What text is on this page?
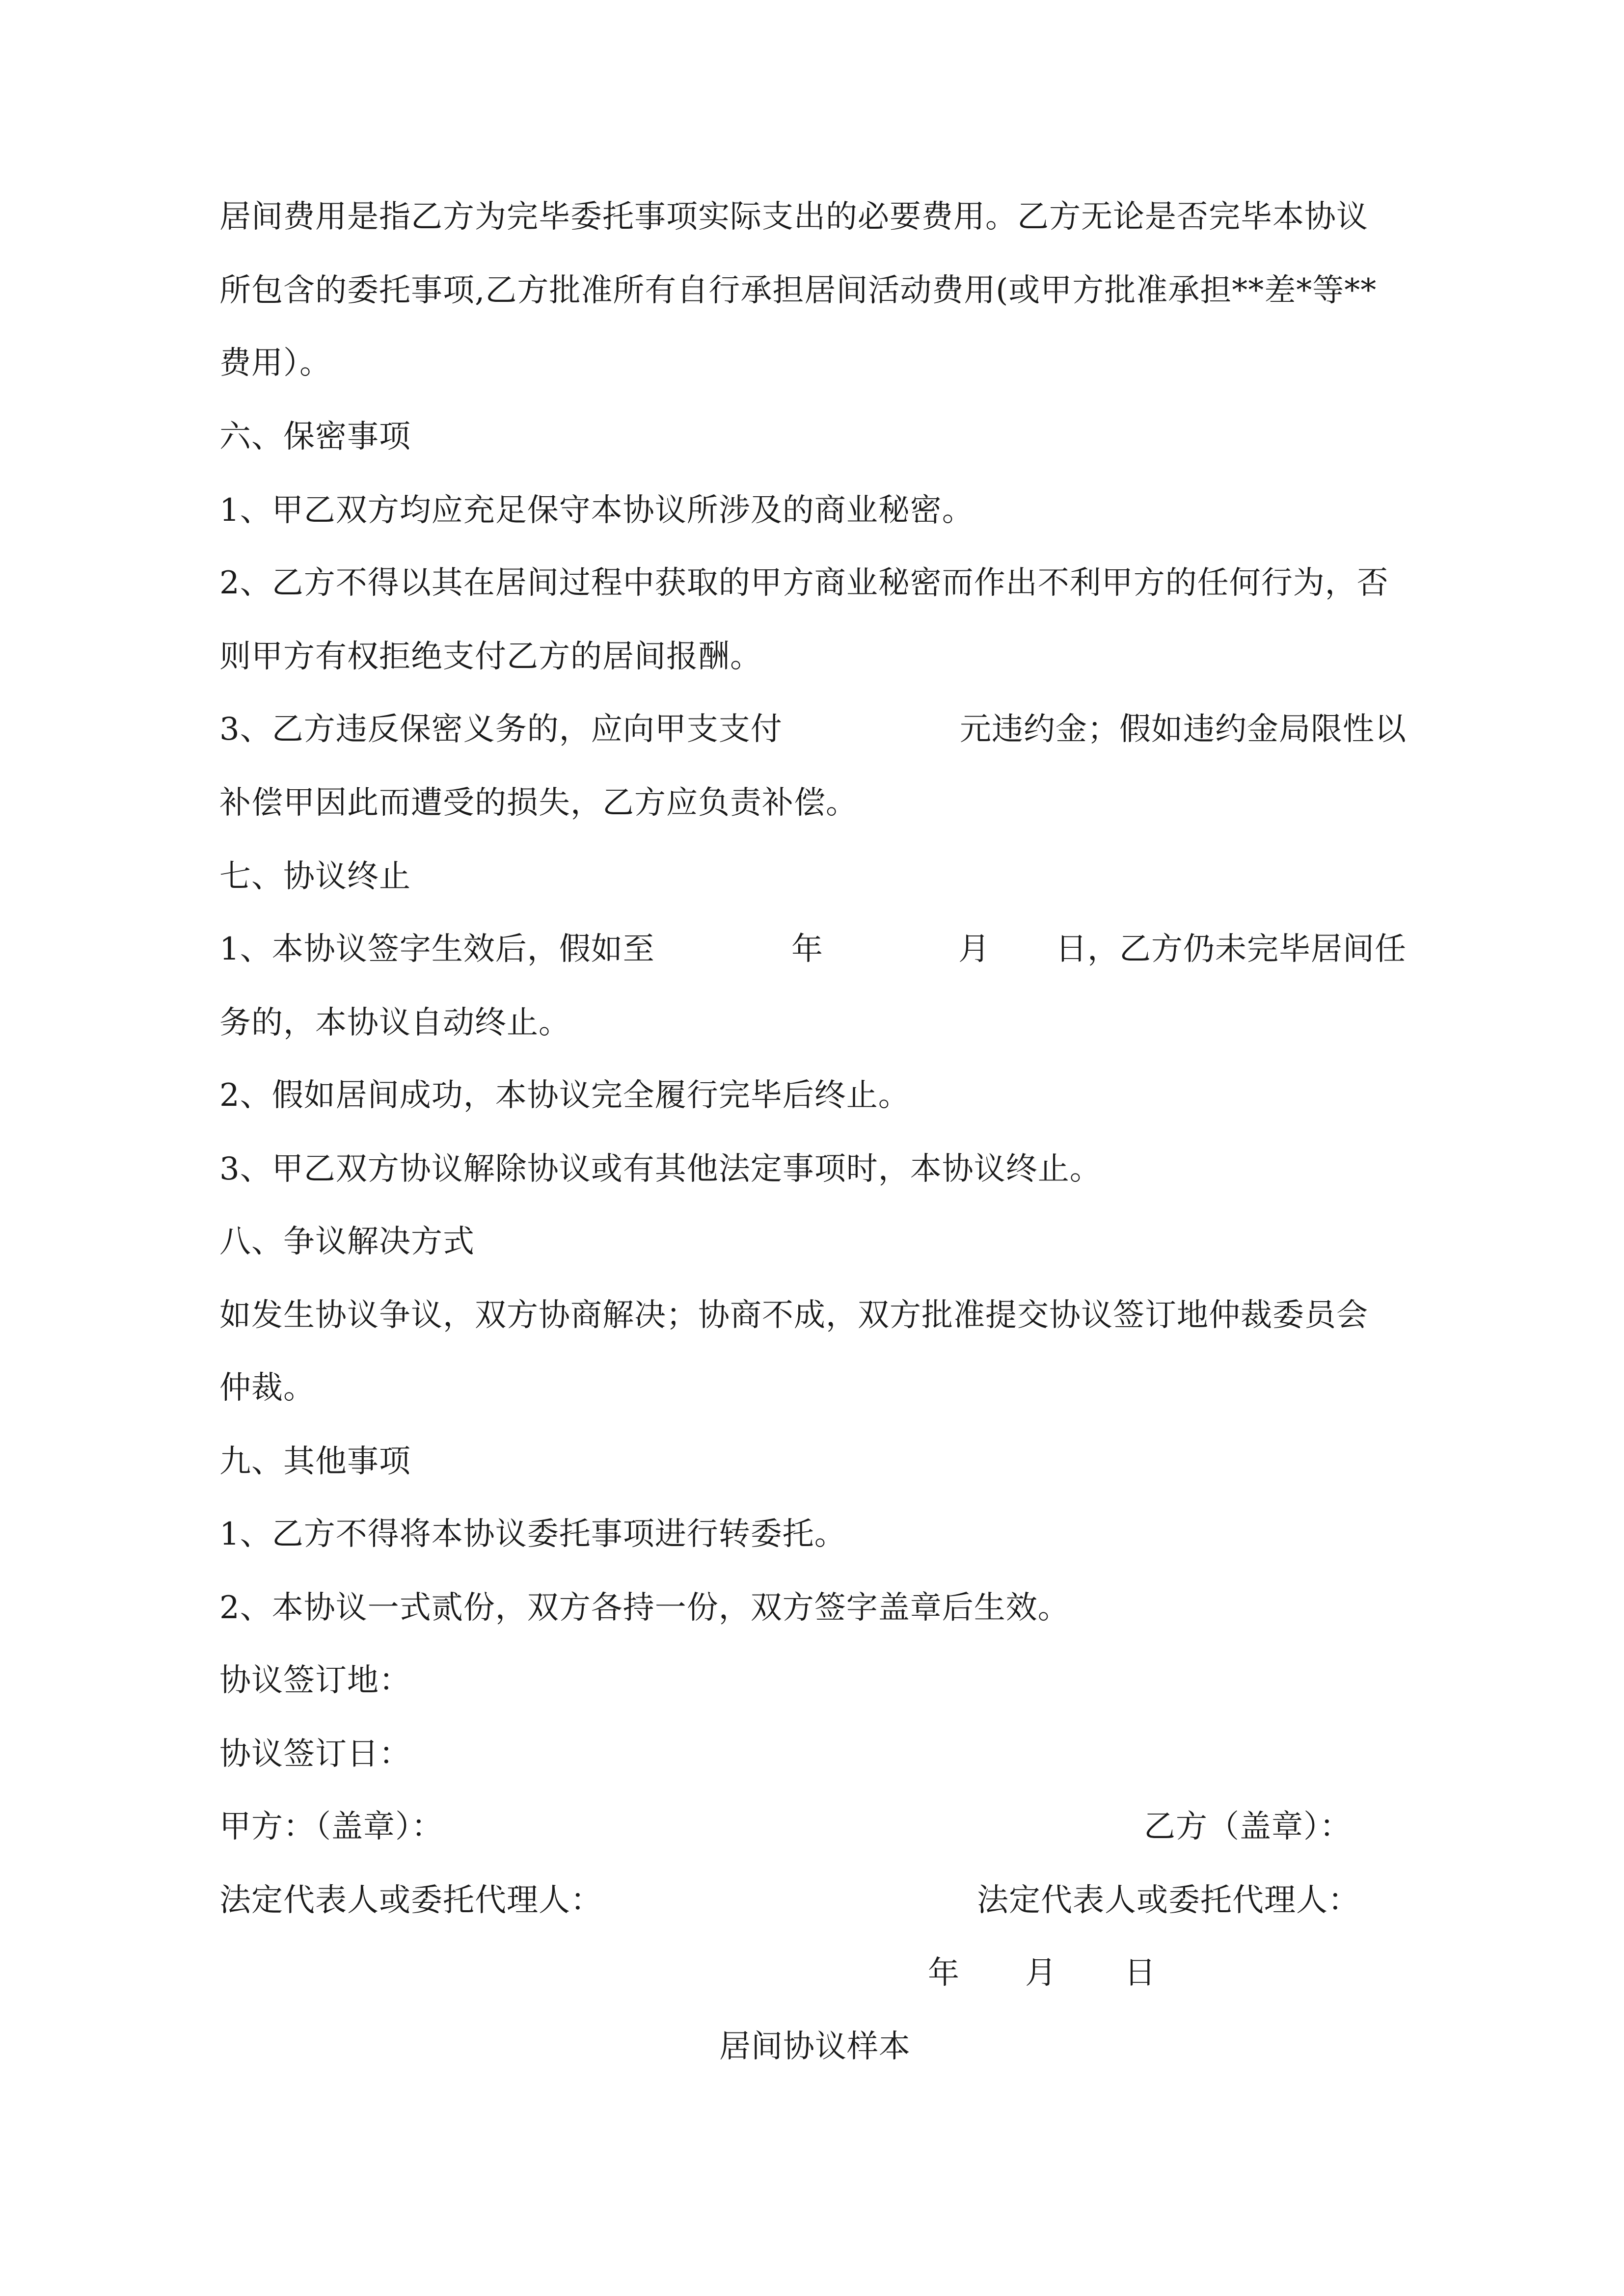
居间费用是指乙方为完毕委托事项实际支出的必要费用。乙方无论是否完毕本协议
所包含的委托事项,乙方批准所有自行承担居间活动费用(或甲方批准承担**差*等**
费用）。
六、保密事项
1、甲乙双方均应充足保守本协议所涉及的商业秘密。
2、乙方不得以其在居间过程中获取的甲方商业秘密而作出不利甲方的任何行为，否
则甲方有权拒绝支付乙方的居间报酬。
3、乙方违反保密义务的，应向甲支支付	元违约金；假如违约金局限性以
补偿甲因此而遭受的损失，乙方应负责补偿。
七、协议终止
1、本协议签字生效后，假如至	年	月 日，乙方仍未完毕居间任
务的，本协议自动终止。
2、假如居间成功，本协议完全履行完毕后终止。
3、甲乙双方协议解除协议或有其他法定事项时，本协议终止。
八、争议解决方式
如发生协议争议，双方协商解决；协商不成，双方批准提交协议签订地仲裁委员会
仲裁。
九、其他事项
1、乙方不得将本协议委托事项进行转委托。
2、本协议一式贰份，双方各持一份，双方签字盖章后生效。
协议签订地：
协议签订日：
甲方：（盖章）：	乙方（盖章）：
法定代表人或委托代理人：	法定代表人或委托代理人：
年 月 日
居间协议样本
